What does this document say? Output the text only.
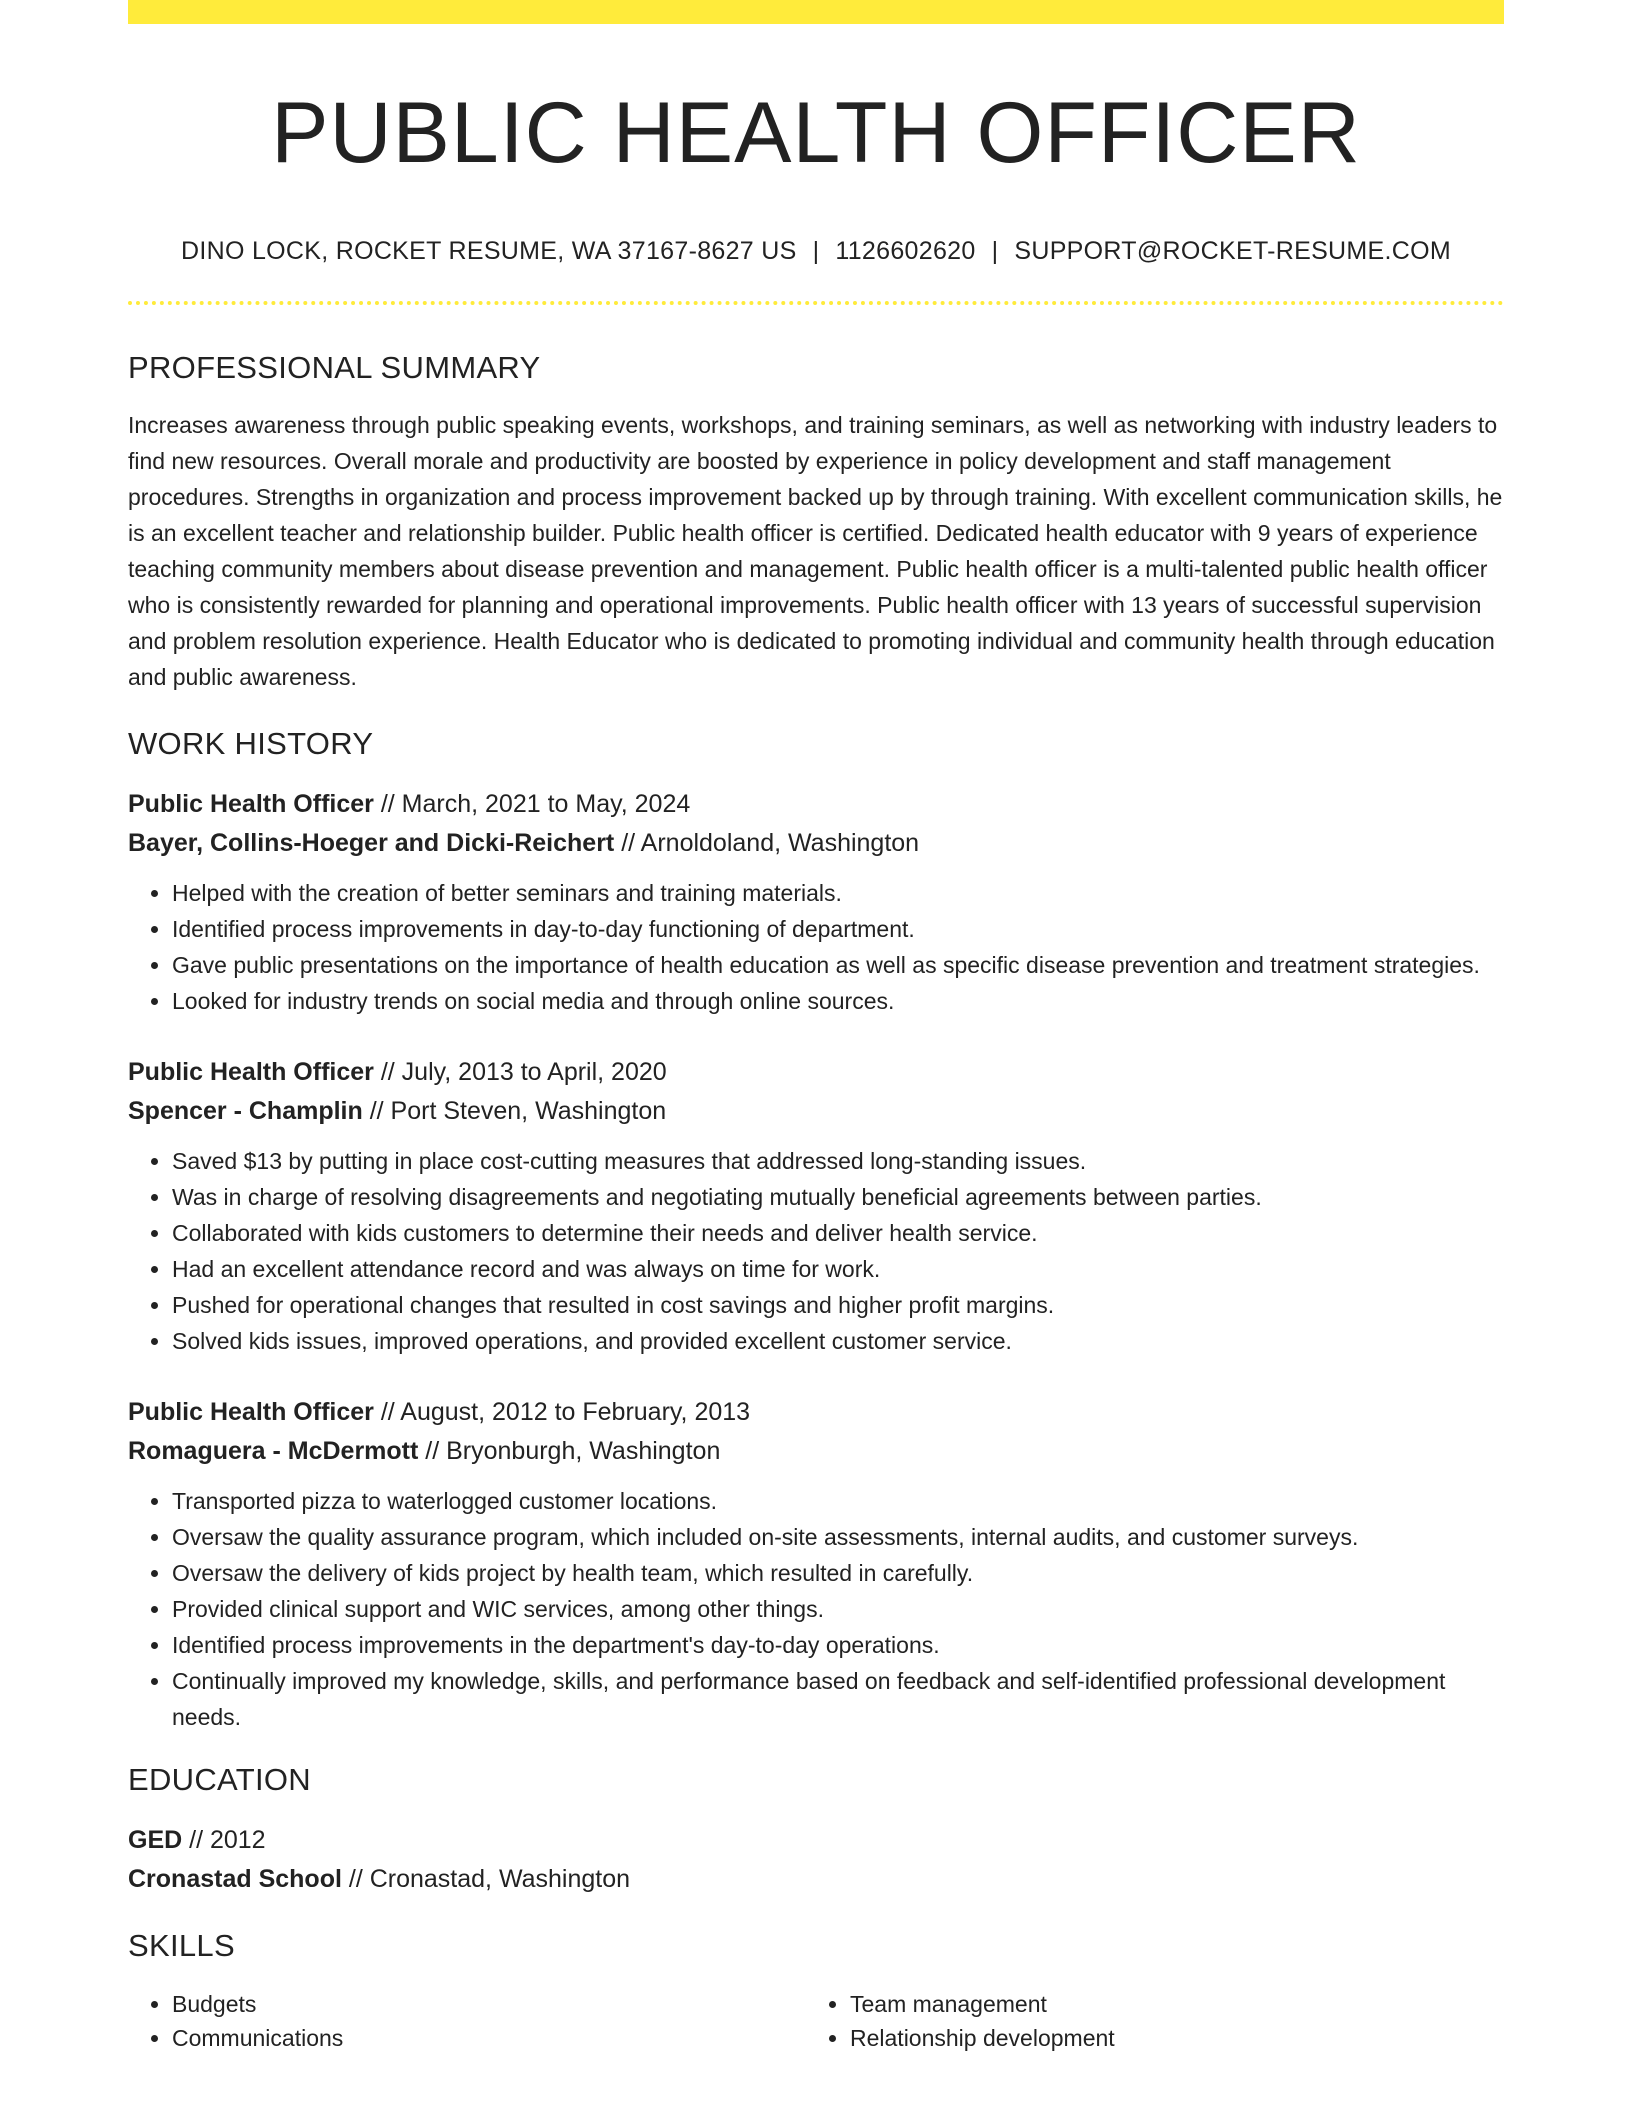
PUBLIC HEALTH OFFICER
DINO LOCK, ROCKET RESUME, WA 37167-8627 US | 1126602620 | SUPPORT@ROCKET-RESUME.COM
PROFESSIONAL SUMMARY

Increases awareness through public speaking events, workshops, and training seminars, as well as networking with industry leaders to find new resources. Overall morale and productivity are boosted by experience in policy development and staff management procedures. Strengths in organization and process improvement backed up by through training. With excellent communication skills, he is an excellent teacher and relationship builder. Public health officer is certified. Dedicated health educator with 9 years of experience teaching community members about disease prevention and management. Public health officer is a multi-talented public health officer who is consistently rewarded for planning and operational improvements. Public health officer with 13 years of successful supervision and problem resolution experience. Health Educator who is dedicated to promoting individual and community health through education and public awareness.

WORK HISTORY
Public Health Officer // March, 2021 to May, 2024
Bayer, Collins-Hoeger and Dicki-Reichert // Arnoldoland, Washington
• Helped with the creation of better seminars and training materials.
• Identified process improvements in day-to-day functioning of department.
• Gave public presentations on the importance of health education as well as specific disease prevention and treatment strategies.
• Looked for industry trends on social media and through online sources.
Public Health Officer // July, 2013 to April, 2020
Spencer - Champlin // Port Steven, Washington
• Saved $13 by putting in place cost-cutting measures that addressed long-standing issues.
• Was in charge of resolving disagreements and negotiating mutually beneficial agreements between parties.
• Collaborated with kids customers to determine their needs and deliver health service.
• Had an excellent attendance record and was always on time for work.
• Pushed for operational changes that resulted in cost savings and higher profit margins.
• Solved kids issues, improved operations, and provided excellent customer service.
Public Health Officer // August, 2012 to February, 2013
Romaguera - McDermott // Bryonburgh, Washington
• Transported pizza to waterlogged customer locations.
• Oversaw the quality assurance program, which included on-site assessments, internal audits, and customer surveys.
• Oversaw the delivery of kids project by health team, which resulted in carefully.
• Provided clinical support and WIC services, among other things.
• Identified process improvements in the department's day-to-day operations.
• Continually improved my knowledge, skills, and performance based on feedback and self-identified professional development needs.
EDUCATION
GED // 2012
Cronastad School // Cronastad, Washington
SKILLS
• Budgets
• Communications
• Team management
• Relationship development
